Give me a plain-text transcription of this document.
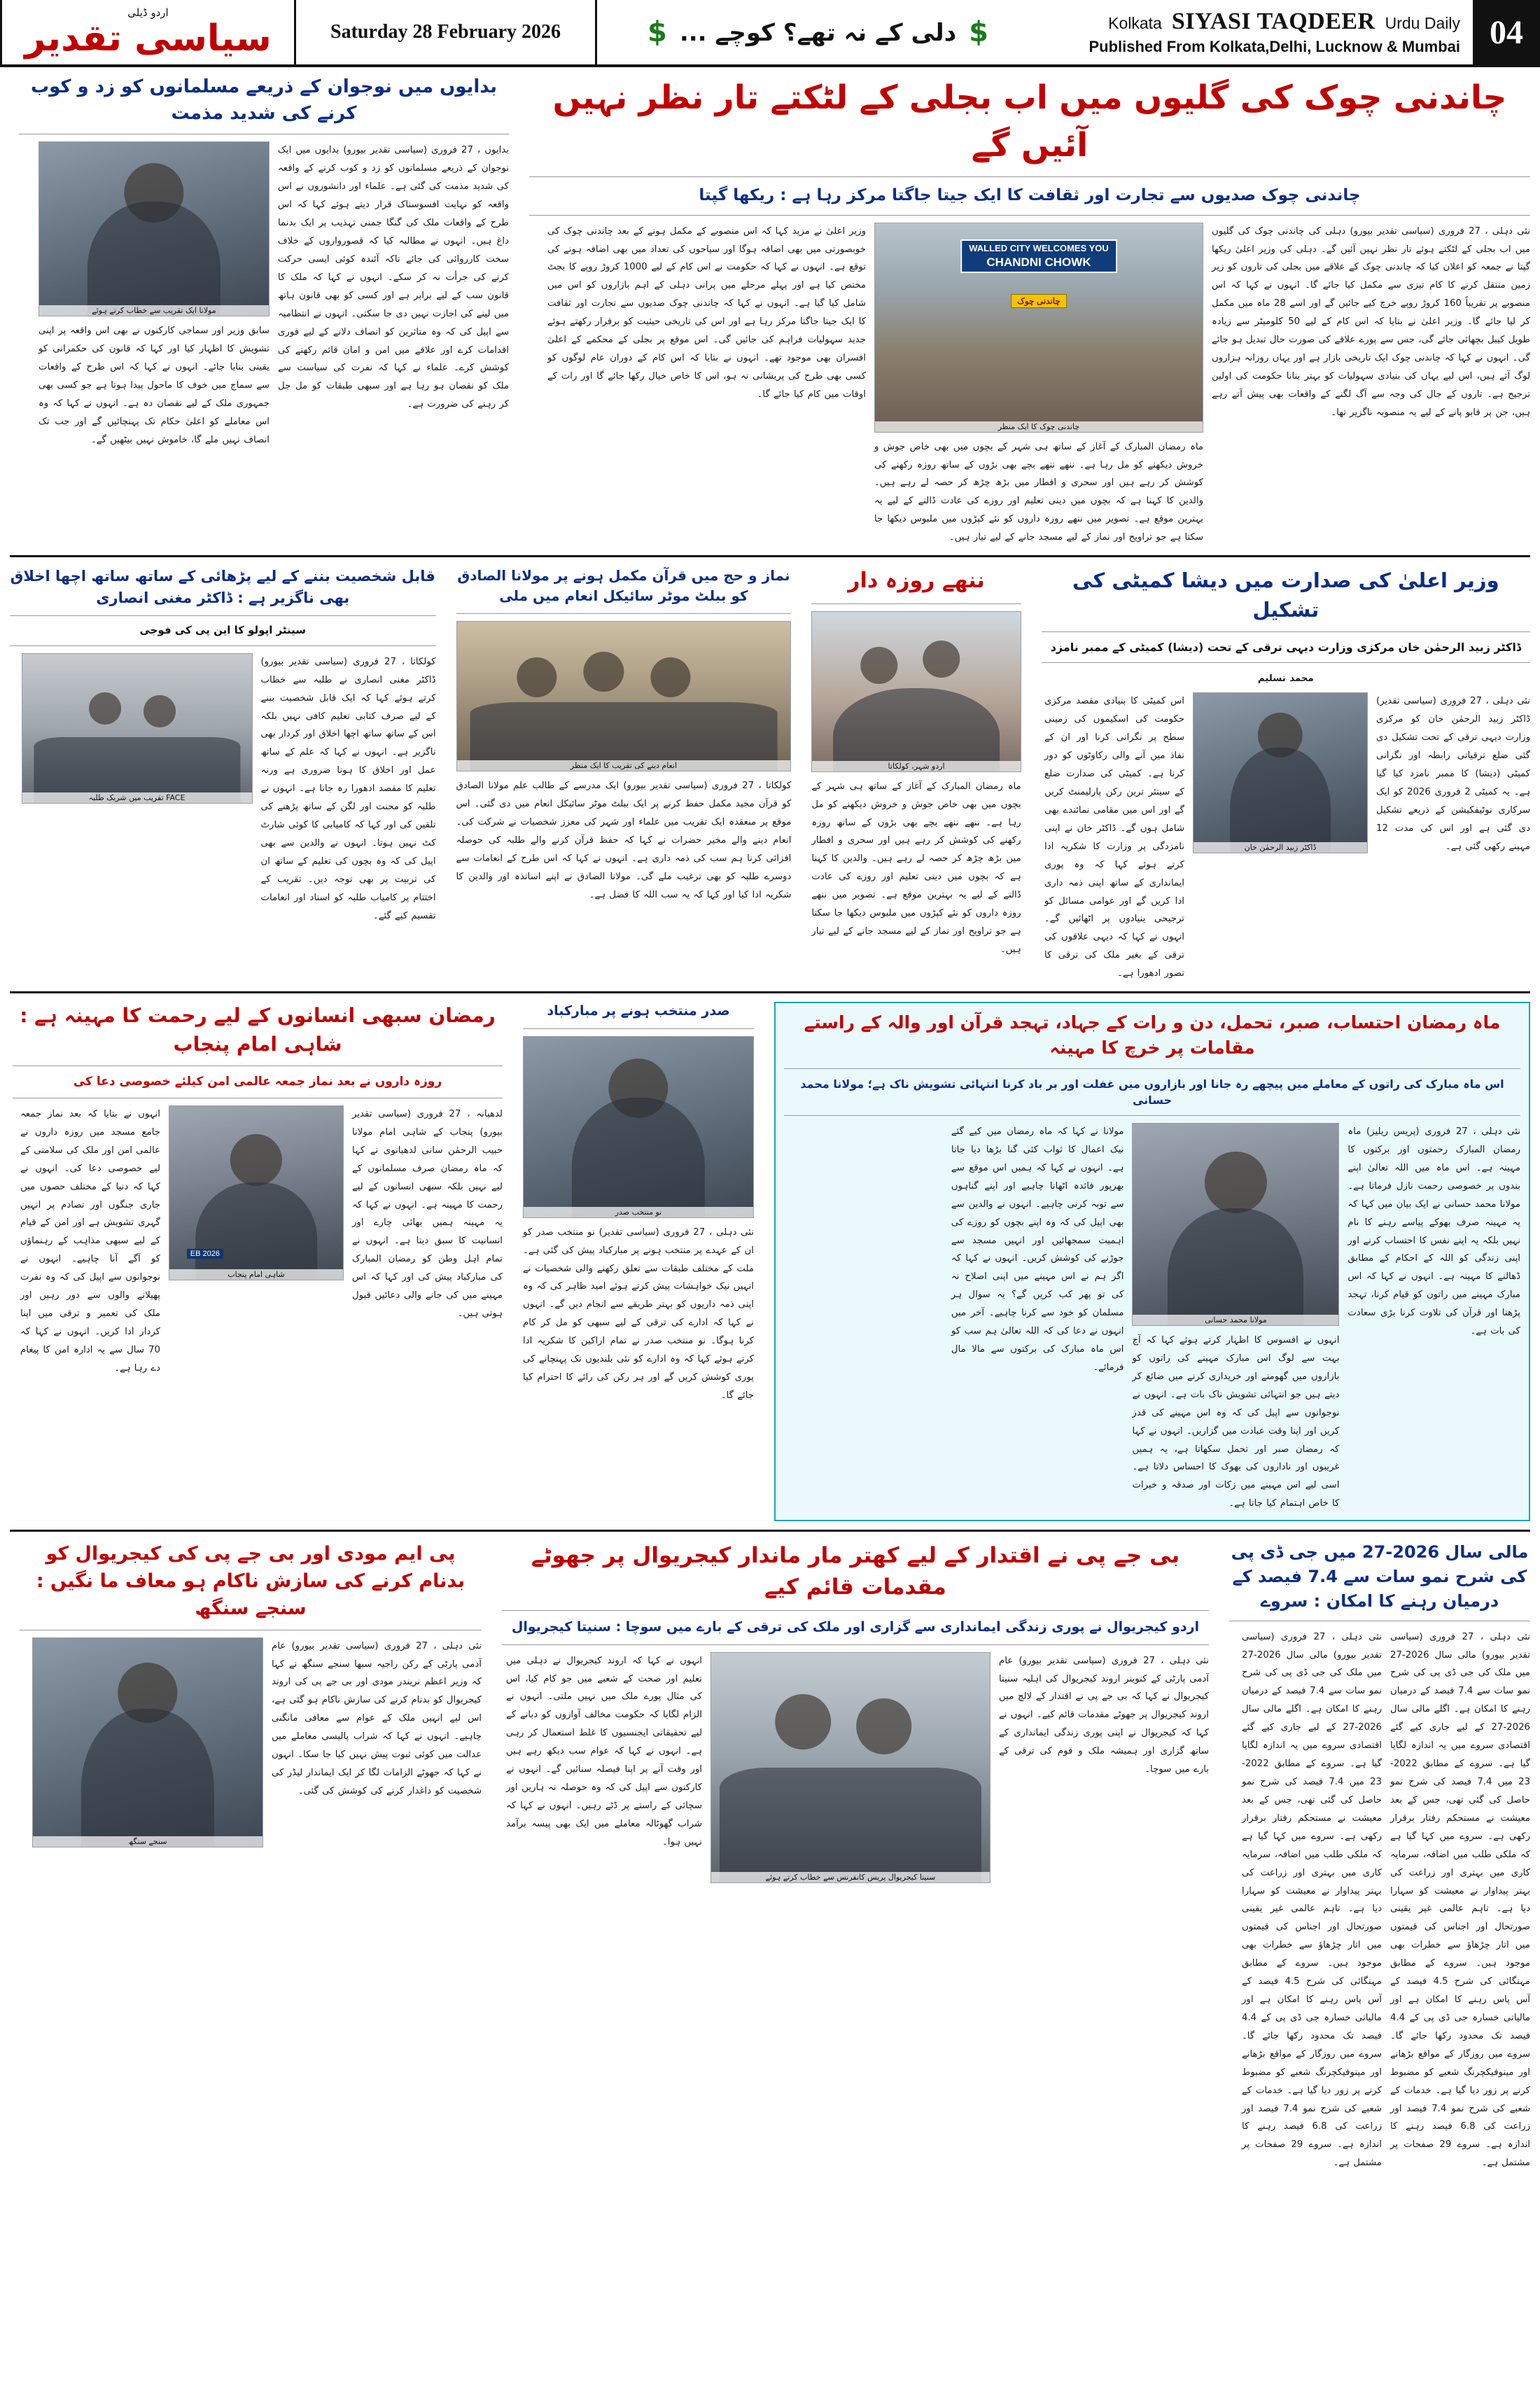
04
Urdu Daily
SIYASI TAQDEER
Kolkata
Published From Kolkata,Delhi, Lucknow & Mumbai
$
دلی کے نہ تھے؟ کوچے ...
$
Saturday 28 February 2026
اردو ڈیلی
سیاسی تقدیر
چاندنی چوک کی گلیوں میں اب بجلی کے لٹکتے تار نظر نہیں آئیں گے
چاندنی چوک صدیوں سے تجارت اور ثقافت کا ایک جیتا جاگتا مرکز رہا ہے : ریکھا گپتا
نئی دہلی ، 27 فروری (سیاسی تقدیر بیورو) دہلی کی چاندنی چوک کی گلیوں میں اب بجلی کے لٹکتے ہوئے تار نظر نہیں آئیں گے۔ دہلی کی وزیر اعلیٰ ریکھا گپتا نے جمعہ کو اعلان کیا کہ چاندنی چوک کے علاقے میں بجلی کی تاروں کو زیر زمین منتقل کرنے کا کام تیزی سے مکمل کیا جائے گا۔ انہوں نے کہا کہ اس منصوبے پر تقریباً 160 کروڑ روپے خرچ کیے جائیں گے اور اسے 28 ماہ میں مکمل کر لیا جائے گا۔ وزیر اعلیٰ نے بتایا کہ اس کام کے لیے 50 کلومیٹر سے زیادہ طویل کیبل بچھائی جائے گی، جس سے پورے علاقے کی صورت حال تبدیل ہو جائے گی۔ انہوں نے کہا کہ چاندنی چوک ایک تاریخی بازار ہے اور یہاں روزانہ ہزاروں لوگ آتے ہیں، اس لیے یہاں کی بنیادی سہولیات کو بہتر بنانا حکومت کی اولین ترجیح ہے۔ تاروں کے جال کی وجہ سے آگ لگنے کے واقعات بھی پیش آتے رہے ہیں، جن پر قابو پانے کے لیے یہ منصوبہ ناگزیر تھا۔
WALLED CITY WELCOMES YOU
CHANDNI CHOWK
چاندنی چوک
چاندنی چوک کا ایک منظر
ماہ رمضان المبارک کے آغاز کے ساتھ ہی شہر کے بچوں میں بھی خاص جوش و خروش دیکھنے کو مل رہا ہے۔ ننھے ننھے بچے بھی بڑوں کے ساتھ روزہ رکھنے کی کوشش کر رہے ہیں اور سحری و افطار میں بڑھ چڑھ کر حصہ لے رہے ہیں۔ والدین کا کہنا ہے کہ بچوں میں دینی تعلیم اور روزے کی عادت ڈالنے کے لیے یہ بہترین موقع ہے۔ تصویر میں ننھے روزہ داروں کو نئے کپڑوں میں ملبوس دیکھا جا سکتا ہے جو تراویح اور نماز کے لیے مسجد جانے کے لیے تیار ہیں۔
وزیر اعلیٰ نے مزید کہا کہ اس منصوبے کے مکمل ہونے کے بعد چاندنی چوک کی خوبصورتی میں بھی اضافہ ہوگا اور سیاحوں کی تعداد میں بھی اضافہ ہونے کی توقع ہے۔ انہوں نے کہا کہ حکومت نے اس کام کے لیے 1000 کروڑ روپے کا بجٹ مختص کیا ہے اور پہلے مرحلے میں پرانی دہلی کے اہم بازاروں کو اس میں شامل کیا گیا ہے۔ انہوں نے کہا کہ چاندنی چوک صدیوں سے تجارت اور ثقافت کا ایک جیتا جاگتا مرکز رہا ہے اور اس کی تاریخی حیثیت کو برقرار رکھتے ہوئے جدید سہولیات فراہم کی جائیں گی۔ اس موقع پر بجلی کے محکمے کے اعلیٰ افسران بھی موجود تھے۔ انہوں نے بتایا کہ اس کام کے دوران عام لوگوں کو کسی بھی طرح کی پریشانی نہ ہو، اس کا خاص خیال رکھا جائے گا اور رات کے اوقات میں کام کیا جائے گا۔
بدایوں میں نوجوان کے ذریعے مسلمانوں کو زد و کوب کرنے کی شدید مذمت
بدایوں ، 27 فروری (سیاسی تقدیر بیورو) بدایوں میں ایک نوجوان کے ذریعے مسلمانوں کو زد و کوب کرنے کے واقعہ کی شدید مذمت کی گئی ہے۔ علماء اور دانشوروں نے اس واقعہ کو نہایت افسوسناک قرار دیتے ہوئے کہا کہ اس طرح کے واقعات ملک کی گنگا جمنی تہذیب پر ایک بدنما داغ ہیں۔ انہوں نے مطالبہ کیا کہ قصورواروں کے خلاف سخت کارروائی کی جائے تاکہ آئندہ کوئی ایسی حرکت کرنے کی جرأت نہ کر سکے۔ انہوں نے کہا کہ ملک کا قانون سب کے لیے برابر ہے اور کسی کو بھی قانون ہاتھ میں لینے کی اجازت نہیں دی جا سکتی۔ انہوں نے انتظامیہ سے اپیل کی کہ وہ متاثرین کو انصاف دلانے کے لیے فوری اقدامات کرے اور علاقے میں امن و امان قائم رکھنے کی کوشش کرے۔ علماء نے کہا کہ نفرت کی سیاست سے ملک کو نقصان ہو رہا ہے اور سبھی طبقات کو مل جل کر رہنے کی ضرورت ہے۔
مولانا ایک تقریب سے خطاب کرتے ہوئے
سابق وزیر اور سماجی کارکنوں نے بھی اس واقعہ پر اپنی تشویش کا اظہار کیا اور کہا کہ قانون کی حکمرانی کو یقینی بنایا جائے۔ انہوں نے کہا کہ اس طرح کے واقعات سے سماج میں خوف کا ماحول پیدا ہوتا ہے جو کسی بھی جمہوری ملک کے لیے نقصان دہ ہے۔ انہوں نے کہا کہ وہ اس معاملے کو اعلیٰ حکام تک پہنچائیں گے اور جب تک انصاف نہیں ملے گا، خاموش نہیں بیٹھیں گے۔
وزیر اعلیٰ کی صدارت میں دیشا کمیٹی کی تشکیل
ڈاکٹر زبید الرحمٰن خان مرکزی وزارت دیہی ترقی کے تحت (دیشا) کمیٹی کے ممبر نامزد
محمد تسلیم
نئی دہلی ، 27 فروری (سیاسی تقدیر) ڈاکٹر زبید الرحمٰن خان کو مرکزی وزارت دیہی ترقی کے تحت تشکیل دی گئی ضلع ترقیاتی رابطہ اور نگرانی کمیٹی (دیشا) کا ممبر نامزد کیا گیا ہے۔ یہ کمیٹی 2 فروری 2026 کو ایک سرکاری نوٹیفکیشن کے ذریعے تشکیل دی گئی ہے اور اس کی مدت 12 مہینے رکھی گئی ہے۔
ڈاکٹر زبید الرحمٰن خان
اس کمیٹی کا بنیادی مقصد مرکزی حکومت کی اسکیموں کی زمینی سطح پر نگرانی کرنا اور ان کے نفاذ میں آنے والی رکاوٹوں کو دور کرنا ہے۔ کمیٹی کی صدارت ضلع کے سینئر ترین رکن پارلیمنٹ کریں گے اور اس میں مقامی نمائندے بھی شامل ہوں گے۔ ڈاکٹر خان نے اپنی نامزدگی پر وزارت کا شکریہ ادا کرتے ہوئے کہا کہ وہ پوری ایمانداری کے ساتھ اپنی ذمہ داری ادا کریں گے اور عوامی مسائل کو ترجیحی بنیادوں پر اٹھائیں گے۔ انہوں نے کہا کہ دیہی علاقوں کی ترقی کے بغیر ملک کی ترقی کا تصور ادھورا ہے۔
ننھے روزہ دار
اردو شہر، کولکاتا
ماہ رمضان المبارک کے آغاز کے ساتھ ہی شہر کے بچوں میں بھی خاص جوش و خروش دیکھنے کو مل رہا ہے۔ ننھے ننھے بچے بھی بڑوں کے ساتھ روزہ رکھنے کی کوشش کر رہے ہیں اور سحری و افطار میں بڑھ چڑھ کر حصہ لے رہے ہیں۔ والدین کا کہنا ہے کہ بچوں میں دینی تعلیم اور روزے کی عادت ڈالنے کے لیے یہ بہترین موقع ہے۔ تصویر میں ننھے روزہ داروں کو نئے کپڑوں میں ملبوس دیکھا جا سکتا ہے جو تراویح اور نماز کے لیے مسجد جانے کے لیے تیار ہیں۔
نماز و حج میں قرآن مکمل ہونے پر مولانا الصادق کو ببلٹ موٹر سائیکل انعام میں ملی
انعام دینے کی تقریب کا ایک منظر
کولکاتا ، 27 فروری (سیاسی تقدیر بیورو) ایک مدرسے کے طالب علم مولانا الصادق کو قرآن مجید مکمل حفظ کرنے پر ایک ببلٹ موٹر سائیکل انعام میں دی گئی۔ اس موقع پر منعقدہ ایک تقریب میں علماء اور شہر کی معزز شخصیات نے شرکت کی۔ انعام دینے والے مخیر حضرات نے کہا کہ حفظ قرآن کرنے والے طلبہ کی حوصلہ افزائی کرنا ہم سب کی ذمہ داری ہے۔ انہوں نے کہا کہ اس طرح کے انعامات سے دوسرے طلبہ کو بھی ترغیب ملے گی۔ مولانا الصادق نے اپنے اساتذہ اور والدین کا شکریہ ادا کیا اور کہا کہ یہ سب اللہ کا فضل ہے۔
قابل شخصیت بننے کے لیے پڑھائی کے ساتھ ساتھ اچھا اخلاق بھی ناگزیر ہے : ڈاکٹر مغنی انصاری
سینٹر اپولو کا این پی کی فوجی
کولکاتا ، 27 فروری (سیاسی تقدیر بیورو) ڈاکٹر مغنی انصاری نے طلبہ سے خطاب کرتے ہوئے کہا کہ ایک قابل شخصیت بننے کے لیے صرف کتابی تعلیم کافی نہیں بلکہ اس کے ساتھ ساتھ اچھا اخلاق اور کردار بھی ناگزیر ہے۔ انہوں نے کہا کہ علم کے ساتھ عمل اور اخلاق کا ہونا ضروری ہے ورنہ تعلیم کا مقصد ادھورا رہ جاتا ہے۔ انہوں نے طلبہ کو محنت اور لگن کے ساتھ پڑھنے کی تلقین کی اور کہا کہ کامیابی کا کوئی شارٹ کٹ نہیں ہوتا۔ انہوں نے والدین سے بھی اپیل کی کہ وہ بچوں کی تعلیم کے ساتھ ان کی تربیت پر بھی توجہ دیں۔ تقریب کے اختتام پر کامیاب طلبہ کو اسناد اور انعامات تقسیم کیے گئے۔
FACE تقریب میں شریک طلبہ
ماہ رمضان احتساب، صبر، تحمل، دن و رات کے جہاد، تہجد قرآن اور والہ کے راستے مقامات پر خرچ کا مہینہ
اس ماہ مبارک کی راتوں کے معاملے میں پیچھے رہ جانا اور بازاروں میں غفلت اور بر باد کرنا انتہائی تشویش ناک ہے؛ مولانا محمد حسانی
نئی دہلی ، 27 فروری (پریس ریلیز) ماہ رمضان المبارک رحمتوں اور برکتوں کا مہینہ ہے۔ اس ماہ میں اللہ تعالیٰ اپنے بندوں پر خصوصی رحمت نازل فرماتا ہے۔ مولانا محمد حسانی نے ایک بیان میں کہا کہ یہ مہینہ صرف بھوکے پیاسے رہنے کا نام نہیں بلکہ یہ اپنے نفس کا احتساب کرنے اور اپنی زندگی کو اللہ کے احکام کے مطابق ڈھالنے کا مہینہ ہے۔ انہوں نے کہا کہ اس مبارک مہینے میں راتوں کو قیام کرنا، تہجد پڑھنا اور قرآن کی تلاوت کرنا بڑی سعادت کی بات ہے۔
مولانا محمد حسانی
انہوں نے افسوس کا اظہار کرتے ہوئے کہا کہ آج بہت سے لوگ اس مبارک مہینے کی راتوں کو بازاروں میں گھومنے اور خریداری کرنے میں ضائع کر دیتے ہیں جو انتہائی تشویش ناک بات ہے۔ انہوں نے نوجوانوں سے اپیل کی کہ وہ اس مہینے کی قدر کریں اور اپنا وقت عبادت میں گزاریں۔ انہوں نے کہا کہ رمضان صبر اور تحمل سکھاتا ہے، یہ ہمیں غریبوں اور ناداروں کی بھوک کا احساس دلاتا ہے۔ اسی لیے اس مہینے میں زکات اور صدقہ و خیرات کا خاص اہتمام کیا جاتا ہے۔
مولانا نے کہا کہ ماہ رمضان میں کیے گئے نیک اعمال کا ثواب کئی گنا بڑھا دیا جاتا ہے۔ انہوں نے کہا کہ ہمیں اس موقع سے بھرپور فائدہ اٹھانا چاہیے اور اپنے گناہوں سے توبہ کرنی چاہیے۔ انہوں نے والدین سے بھی اپیل کی کہ وہ اپنے بچوں کو روزے کی اہمیت سمجھائیں اور انہیں مسجد سے جوڑنے کی کوشش کریں۔ انہوں نے کہا کہ اگر ہم نے اس مہینے میں اپنی اصلاح نہ کی تو پھر کب کریں گے؟ یہ سوال ہر مسلمان کو خود سے کرنا چاہیے۔ آخر میں انہوں نے دعا کی کہ اللہ تعالیٰ ہم سب کو اس ماہ مبارک کی برکتوں سے مالا مال فرمائے۔
صدر منتخب ہونے پر مبارکباد
نو منتخب صدر
نئی دہلی ، 27 فروری (سیاسی تقدیر) نو منتخب صدر کو ان کے عہدے پر منتخب ہونے پر مبارکباد پیش کی گئی ہے۔ ملت کے مختلف طبقات سے تعلق رکھنے والی شخصیات نے انہیں نیک خواہشات پیش کرتے ہوئے امید ظاہر کی کہ وہ اپنی ذمہ داریوں کو بہتر طریقے سے انجام دیں گے۔ انہوں نے کہا کہ ادارے کی ترقی کے لیے سبھی کو مل کر کام کرنا ہوگا۔ نو منتخب صدر نے تمام اراکین کا شکریہ ادا کرتے ہوئے کہا کہ وہ ادارے کو نئی بلندیوں تک پہنچانے کی پوری کوشش کریں گے اور ہر رکن کی رائے کا احترام کیا جائے گا۔
رمضان سبھی انسانوں کے لیے رحمت کا مہینہ ہے : شاہی امام پنجاب
روزہ داروں نے بعد نماز جمعہ عالمی امن کیلئے خصوصی دعا کی
لدھیانہ ، 27 فروری (سیاسی تقدیر بیورو) پنجاب کے شاہی امام مولانا حبیب الرحمٰن سانی لدھیانوی نے کہا کہ ماہ رمضان صرف مسلمانوں کے لیے نہیں بلکہ سبھی انسانوں کے لیے رحمت کا مہینہ ہے۔ انہوں نے کہا کہ یہ مہینہ ہمیں بھائی چارے اور انسانیت کا سبق دیتا ہے۔ انہوں نے تمام اہل وطن کو رمضان المبارک کی مبارکباد پیش کی اور کہا کہ اس مہینے میں کی جانے والی دعائیں قبول ہوتی ہیں۔
EB 2026
شاہی امام پنجاب
انہوں نے بتایا کہ بعد نماز جمعہ جامع مسجد میں روزہ داروں نے عالمی امن اور ملک کی سلامتی کے لیے خصوصی دعا کی۔ انہوں نے کہا کہ دنیا کے مختلف حصوں میں جاری جنگوں اور تصادم پر انہیں گہری تشویش ہے اور امن کے قیام کے لیے سبھی مذاہب کے رہنماؤں کو آگے آنا چاہیے۔ انہوں نے نوجوانوں سے اپیل کی کہ وہ نفرت پھیلانے والوں سے دور رہیں اور ملک کی تعمیر و ترقی میں اپنا کردار ادا کریں۔ انہوں نے کہا کہ 70 سال سے یہ ادارہ امن کا پیغام دے رہا ہے۔
مالی سال 2026-27 میں جی ڈی پی کی شرح نمو سات سے 7.4 فیصد کے درمیان رہنے کا امکان : سروے
نئی دہلی ، 27 فروری (سیاسی تقدیر بیورو) مالی سال 2026-27 میں ملک کی جی ڈی پی کی شرح نمو سات سے 7.4 فیصد کے درمیان رہنے کا امکان ہے۔ اگلے مالی سال 2026-27 کے لیے جاری کیے گئے اقتصادی سروے میں یہ اندازہ لگایا گیا ہے۔ سروے کے مطابق 2022-23 میں 7.4 فیصد کی شرح نمو حاصل کی گئی تھی، جس کے بعد معیشت نے مستحکم رفتار برقرار رکھی ہے۔ سروے میں کہا گیا ہے کہ ملکی طلب میں اضافہ، سرمایہ کاری میں بہتری اور زراعت کی بہتر پیداوار نے معیشت کو سہارا دیا ہے۔ تاہم عالمی غیر یقینی صورتحال اور اجناس کی قیمتوں میں اتار چڑھاؤ سے خطرات بھی موجود ہیں۔ سروے کے مطابق مہنگائی کی شرح 4.5 فیصد کے آس پاس رہنے کا امکان ہے اور مالیاتی خسارہ جی ڈی پی کے 4.4 فیصد تک محدود رکھا جائے گا۔ سروے میں روزگار کے مواقع بڑھانے اور مینوفیکچرنگ شعبے کو مضبوط کرنے پر زور دیا گیا ہے۔ خدمات کے شعبے کی شرح نمو 7.4 فیصد اور زراعت کی 6.8 فیصد رہنے کا اندازہ ہے۔ سروے 29 صفحات پر مشتمل ہے۔
نئی دہلی ، 27 فروری (سیاسی تقدیر بیورو) مالی سال 2026-27 میں ملک کی جی ڈی پی کی شرح نمو سات سے 7.4 فیصد کے درمیان رہنے کا امکان ہے۔ اگلے مالی سال 2026-27 کے لیے جاری کیے گئے اقتصادی سروے میں یہ اندازہ لگایا گیا ہے۔ سروے کے مطابق 2022-23 میں 7.4 فیصد کی شرح نمو حاصل کی گئی تھی، جس کے بعد معیشت نے مستحکم رفتار برقرار رکھی ہے۔ سروے میں کہا گیا ہے کہ ملکی طلب میں اضافہ، سرمایہ کاری میں بہتری اور زراعت کی بہتر پیداوار نے معیشت کو سہارا دیا ہے۔ تاہم عالمی غیر یقینی صورتحال اور اجناس کی قیمتوں میں اتار چڑھاؤ سے خطرات بھی موجود ہیں۔ سروے کے مطابق مہنگائی کی شرح 4.5 فیصد کے آس پاس رہنے کا امکان ہے اور مالیاتی خسارہ جی ڈی پی کے 4.4 فیصد تک محدود رکھا جائے گا۔ سروے میں روزگار کے مواقع بڑھانے اور مینوفیکچرنگ شعبے کو مضبوط کرنے پر زور دیا گیا ہے۔ خدمات کے شعبے کی شرح نمو 7.4 فیصد اور زراعت کی 6.8 فیصد رہنے کا اندازہ ہے۔ سروے 29 صفحات پر مشتمل ہے۔
بی جے پی نے اقتدار کے لیے کھتر مار ماندار کیجریوال پر جھوٹے مقدمات قائم کیے
اردو کیجریوال نے پوری زندگی ایمانداری سے گزاری اور ملک کی ترقی کے بارے میں سوچا : سنیتا کیجریوال
نئی دہلی ، 27 فروری (سیاسی تقدیر بیورو) عام آدمی پارٹی کے کنوینر اروند کیجریوال کی اہلیہ سنیتا کیجریوال نے کہا کہ بی جے پی نے اقتدار کے لالچ میں اروند کیجریوال پر جھوٹے مقدمات قائم کیے۔ انہوں نے کہا کہ کیجریوال نے اپنی پوری زندگی ایمانداری کے ساتھ گزاری اور ہمیشہ ملک و قوم کی ترقی کے بارے میں سوچا۔
سنیتا کیجریوال پریس کانفرنس سے خطاب کرتے ہوئے
انہوں نے کہا کہ اروند کیجریوال نے دہلی میں تعلیم اور صحت کے شعبے میں جو کام کیا، اس کی مثال پورے ملک میں نہیں ملتی۔ انہوں نے الزام لگایا کہ حکومت مخالف آوازوں کو دبانے کے لیے تحقیقاتی ایجنسیوں کا غلط استعمال کر رہی ہے۔ انہوں نے کہا کہ عوام سب دیکھ رہے ہیں اور وقت آنے پر اپنا فیصلہ سنائیں گے۔ انہوں نے کارکنوں سے اپیل کی کہ وہ حوصلہ نہ ہاریں اور سچائی کے راستے پر ڈٹے رہیں۔ انہوں نے کہا کہ شراب گھوٹالہ معاملے میں ایک بھی پیسہ برآمد نہیں ہوا۔
پی ایم مودی اور بی جے پی کی کیجریوال کو بدنام کرنے کی سازش ناکام ہو معاف ما نگیں : سنجے سنگھ
نئی دہلی ، 27 فروری (سیاسی تقدیر بیورو) عام آدمی پارٹی کے رکن راجیہ سبھا سنجے سنگھ نے کہا کہ وزیر اعظم نریندر مودی اور بی جے پی کی اروند کیجریوال کو بدنام کرنے کی سازش ناکام ہو گئی ہے، اس لیے انہیں ملک کے عوام سے معافی مانگنی چاہیے۔ انہوں نے کہا کہ شراب پالیسی معاملے میں عدالت میں کوئی ثبوت پیش نہیں کیا جا سکا۔ انہوں نے کہا کہ جھوٹے الزامات لگا کر ایک ایماندار لیڈر کی شخصیت کو داغدار کرنے کی کوشش کی گئی۔
سنجے سنگھ
